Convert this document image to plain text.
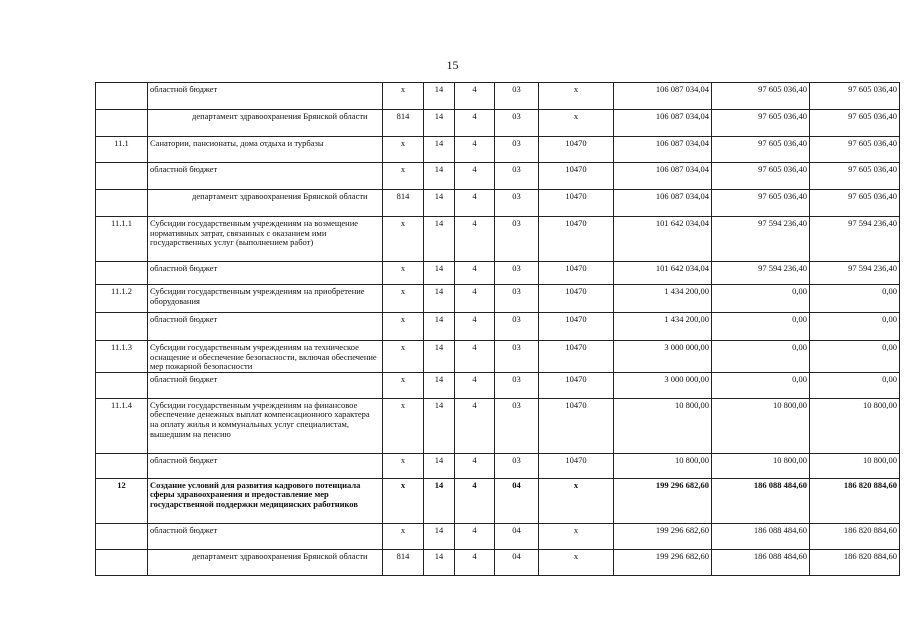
15
	областной бюджет	х	14	4	03	х	106 087 034,04	97 605 036,40	97 605 036,40
	департамент здравоохранения Брянской области	814	14	4	03	х	106 087 034,04	97 605 036,40	97 605 036,40
11.1	Санатории, пансионаты, дома отдыха и турбазы	х	14	4	03	10470	106 087 034,04	97 605 036,40	97 605 036,40
	областной бюджет	х	14	4	03	10470	106 087 034,04	97 605 036,40	97 605 036,40
	департамент здравоохранения Брянской области	814	14	4	03	10470	106 087 034,04	97 605 036,40	97 605 036,40
11.1.1	Субсидии государственным учреждениям на возмещение нормативных затрат, связанных с оказанием ими государственных услуг (выполнением работ)	х	14	4	03	10470	101 642 034,04	97 594 236,40	97 594 236,40
	областной бюджет	х	14	4	03	10470	101 642 034,04	97 594 236,40	97 594 236,40
11.1.2	Субсидии государственным учреждениям на приобретение оборудования	х	14	4	03	10470	1 434 200,00	0,00	0,00
	областной бюджет	х	14	4	03	10470	1 434 200,00	0,00	0,00
11.1.3	Субсидии государственным учреждениям на техническое оснащение и обеспечение безопасности, включая обеспечение мер пожарной безопасности	х	14	4	03	10470	3 000 000,00	0,00	0,00
	областной бюджет	х	14	4	03	10470	3 000 000,00	0,00	0,00
11.1.4	Субсидии государственным учреждениям на финансовое обеспечение денежных выплат компенсационного характера на оплату жилья и коммунальных услуг специалистам, вышедшим на пенсию	х	14	4	03	10470	10 800,00	10 800,00	10 800,00
	областной бюджет	х	14	4	03	10470	10 800,00	10 800,00	10 800,00
12	Создание условий для развития кадрового потенциала сферы здравоохранения и предоставление мер государственной поддержки медицинских работников	х	14	4	04	х	199 296 682,60	186 088 484,60	186 820 884,60
	областной бюджет	х	14	4	04	х	199 296 682,60	186 088 484,60	186 820 884,60
	департамент здравоохранения Брянской области	814	14	4	04	х	199 296 682,60	186 088 484,60	186 820 884,60
